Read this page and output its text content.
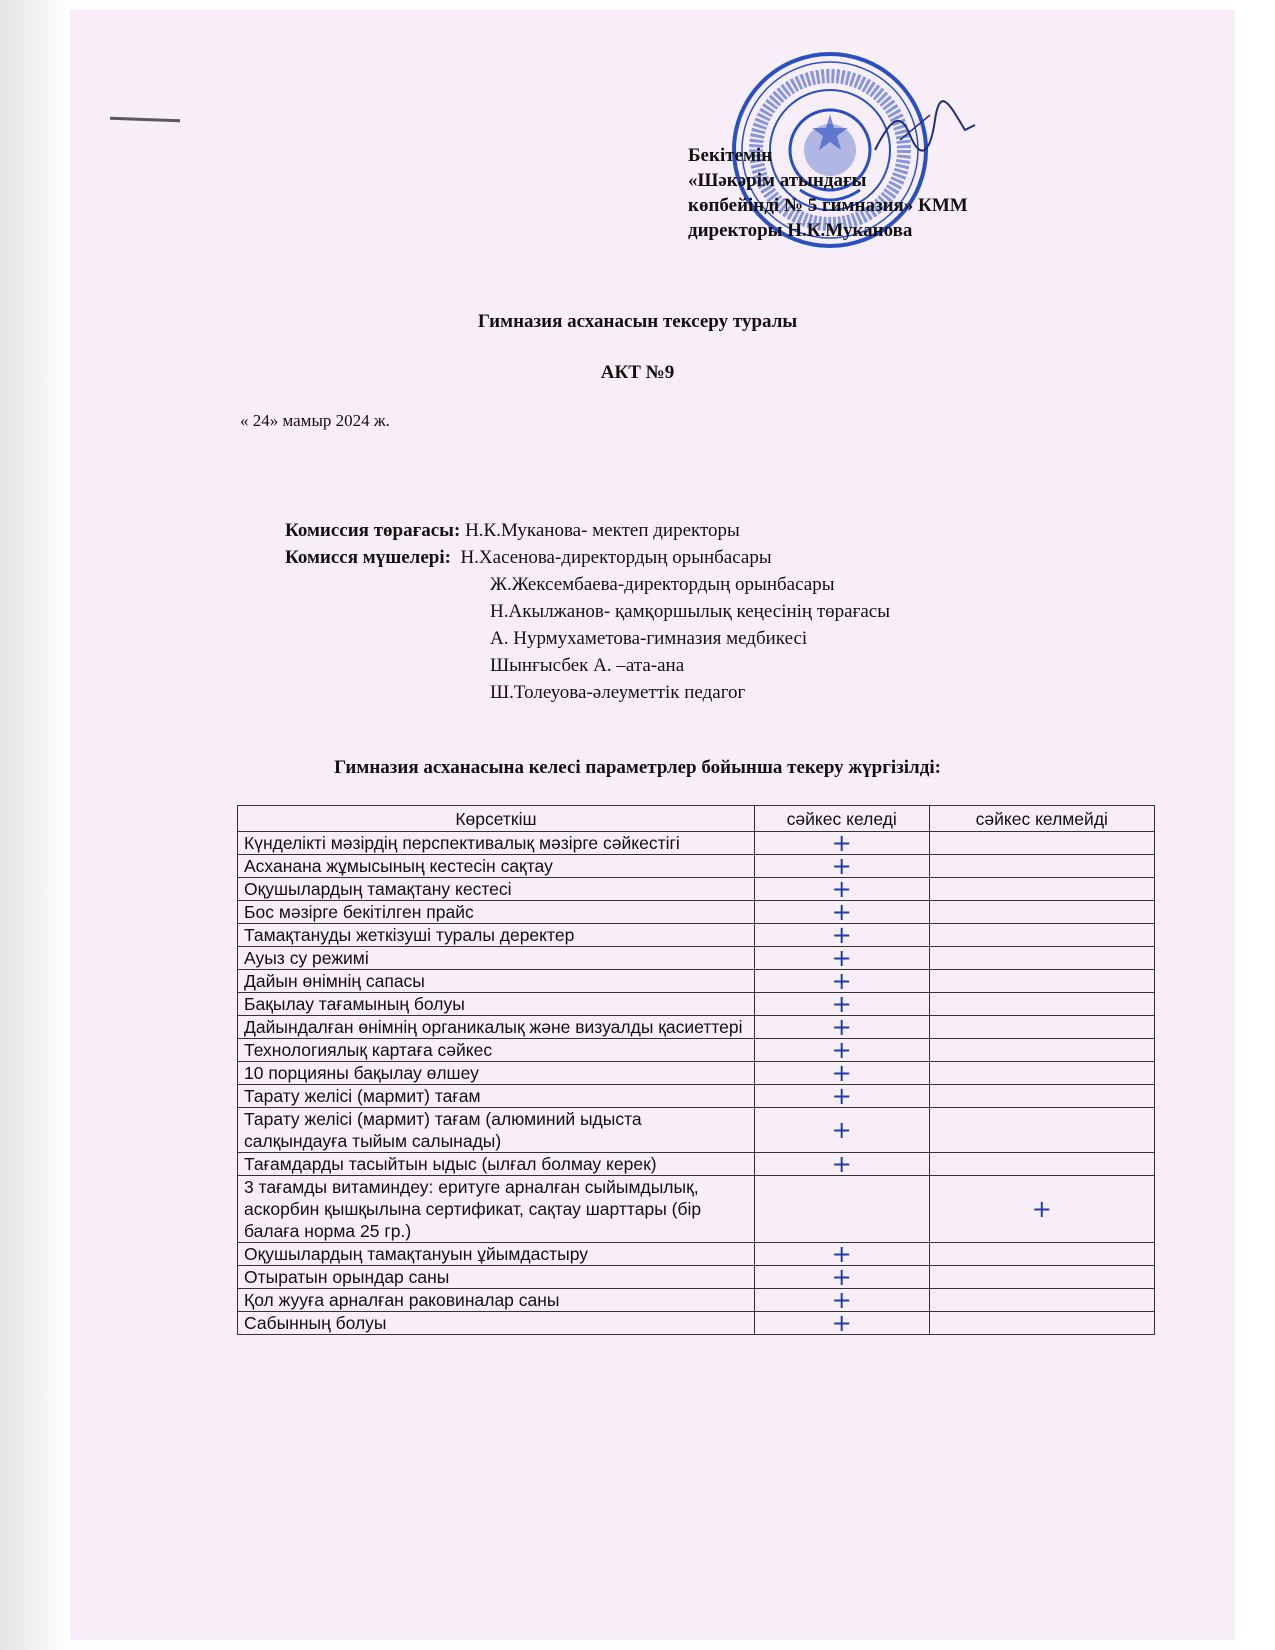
Бекітемін
«Шәкәрім атындағы
көпбейінді № 5 гимназия» КММ
директоры Н.К.Муканова
Гимназия асханасын тексеру туралы
АКТ №9
« 24» мамыр 2024 ж.
Комиссия төрағасы:
Н.К.Муканова- мектеп директоры
Комисся мүшелері:
Н.Хасенова-директордың орынбасары
Ж.Жексембаева-директордың орынбасары
Н.Акылжанов- қамқоршылық кеңесінің төрағасы
А. Нурмухаметова-гимназия медбикесі
Шынғысбек А. –ата-ана
Ш.Толеуова-әлеуметтік педагог
Гимназия асханасына келесі параметрлер бойынша текеру жүргізілді:
Көрсеткіш	сәйкес келеді	сәйкес келмейді
Күнделікті мәзірдің перспективалық мәзірге сәйкестігі	+	
Асханана жұмысының кестесін сақтау	+	
Оқушылардың тамақтану кестесі	+	
Бос мәзірге бекітілген прайс	+	
Тамақтануды жеткізуші туралы деректер	+	
Ауыз су режимі	+	
Дайын өнімнің сапасы	+	
Бақылау тағамының болуы	+	
Дайындалған өнімнің органикалық және визуалды қасиеттері	+	
Технологиялық картаға сәйкес	+	
10 порцияны бақылау өлшеу	+	
Тарату желісі (мармит) тағам	+	
Тарату желісі (мармит) тағам (алюминий ыдыста салқындауға тыйым салынады)	+	
Тағамдарды тасыйтын ыдыс (ылғал болмау керек)	+	
3 тағамды витаминдеу: еритуге арналған сыйымдылық, аскорбин қышқылына сертификат, сақтау шарттары (бір балаға норма 25 гр.)		+
Оқушылардың тамақтануын ұйымдастыру	+	
Отыратын орындар саны	+	
Қол жууға арналған раковиналар саны	+	
Сабынның болуы	+	
